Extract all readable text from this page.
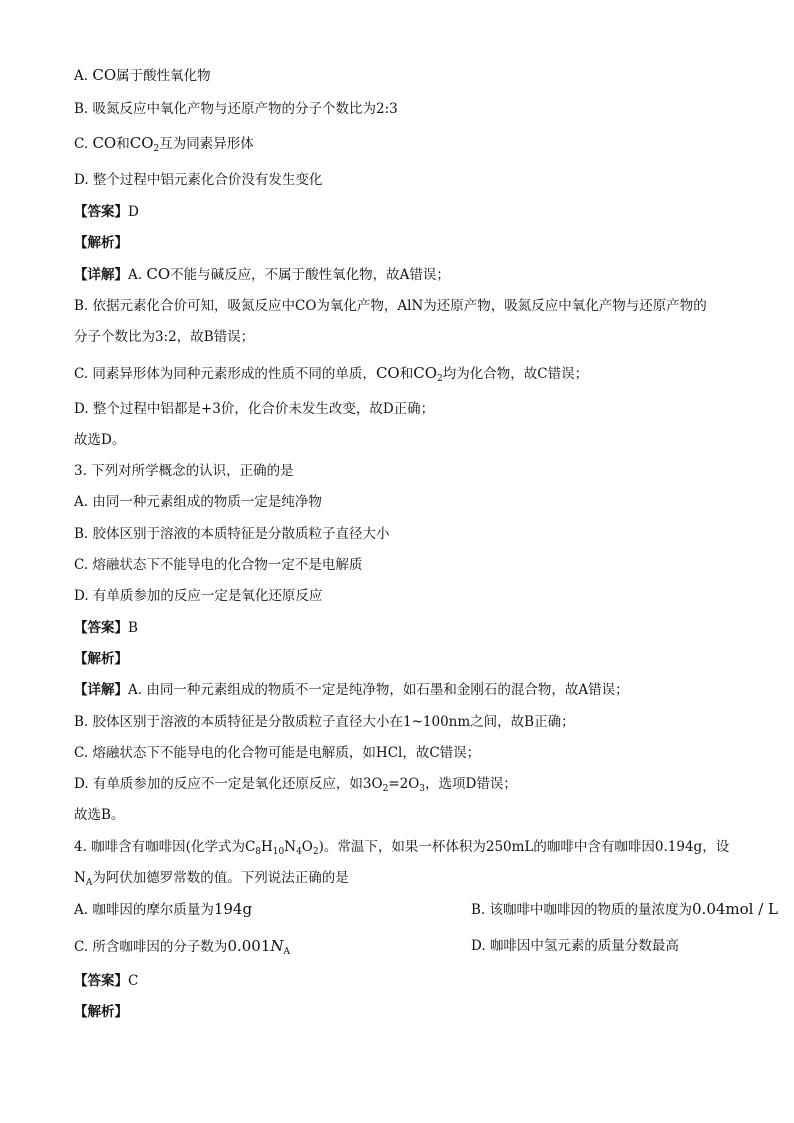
A. CO属于酸性氧化物
B. 吸氮反应中氧化产物与还原产物的分子个数比为2:3
C. CO和$CO_2$互为同素异形体
D. 整个过程中铝元素化合价没有发生变化
【答案】D
【解析】
【详解】A. CO不能与碱反应，不属于酸性氧化物，故A错误；
B. 依据元素化合价可知，吸氮反应中CO为氧化产物，AlN为还原产物，吸氮反应中氧化产物与还原产物的
分子个数比为3:2，故B错误；
C. 同素异形体为同种元素形成的性质不同的单质，CO和$CO_2$均为化合物，故C错误；
D. 整个过程中铝都是+3价，化合价未发生改变，故D正确；
故选D。
3. 下列对所学概念的认识，正确的是
A. 由同一种元素组成的物质一定是纯净物
B. 胶体区别于溶液的本质特征是分散质粒子直径大小
C. 熔融状态下不能导电的化合物一定不是电解质
D. 有单质参加的反应一定是氧化还原反应
【答案】B
【解析】
【详解】A. 由同一种元素组成的物质不一定是纯净物，如石墨和金刚石的混合物，故A错误；
B. 胶体区别于溶液的本质特征是分散质粒子直径大小在1~100nm之间，故B正确；
C. 熔融状态下不能导电的化合物可能是电解质，如HCl，故C错误；
D. 有单质参加的反应不一定是氧化还原反应，如$3O_2=2O_3$，选项D错误；
故选B。
4. 咖啡含有咖啡因(化学式为$C_8H_{10}N_4O_2$)。常温下，如果一杯体积为250mL的咖啡中含有咖啡因0.194g，设
$N_A$为阿伏加德罗常数的值。下列说法正确的是
A. 咖啡因的摩尔质量为194g	B. 该咖啡中咖啡因的物质的量浓度为0.04mol / L
C. 所含咖啡因的分子数为$0.001N_A$	D. 咖啡因中氢元素的质量分数最高
【答案】C
【解析】
